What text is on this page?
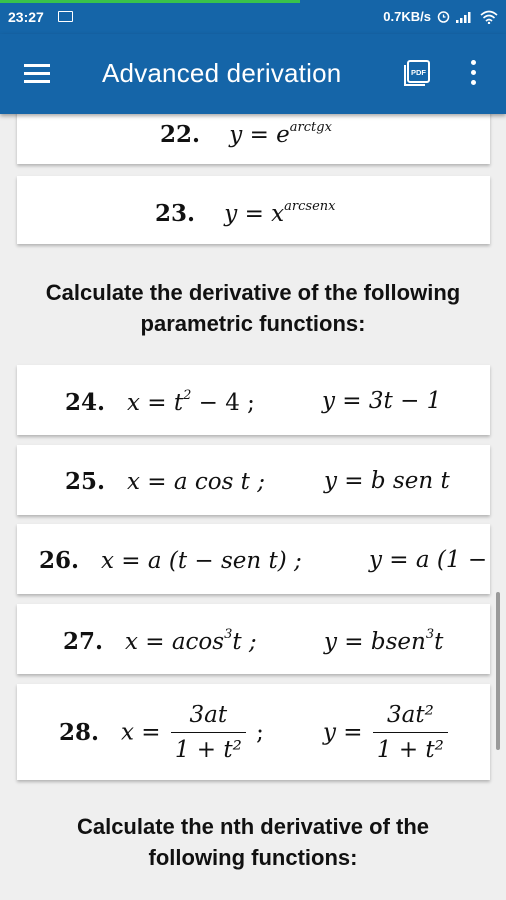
23:27	0.7KB/s
Advanced derivation	PDF
22. $y = e^{arctgx}$
23. $y = x^{arcsenx}$
Calculate the derivative of the following parametric functions:
24. $x = t^2 - 4$ ;	y = 3t − 1
25. x = a cos t ;	y = b sen t
26. x = a (t − sen t) ;	y = a (1 −
27. x = acos$^3$t ;	y = bsen$^3$t
28. $x = \frac{3at}{\text{1 + t²}}$ ;	$y = \frac{\text{3at²}}{\text{1 + t²}}$
Calculate the nth derivative of the following functions:
